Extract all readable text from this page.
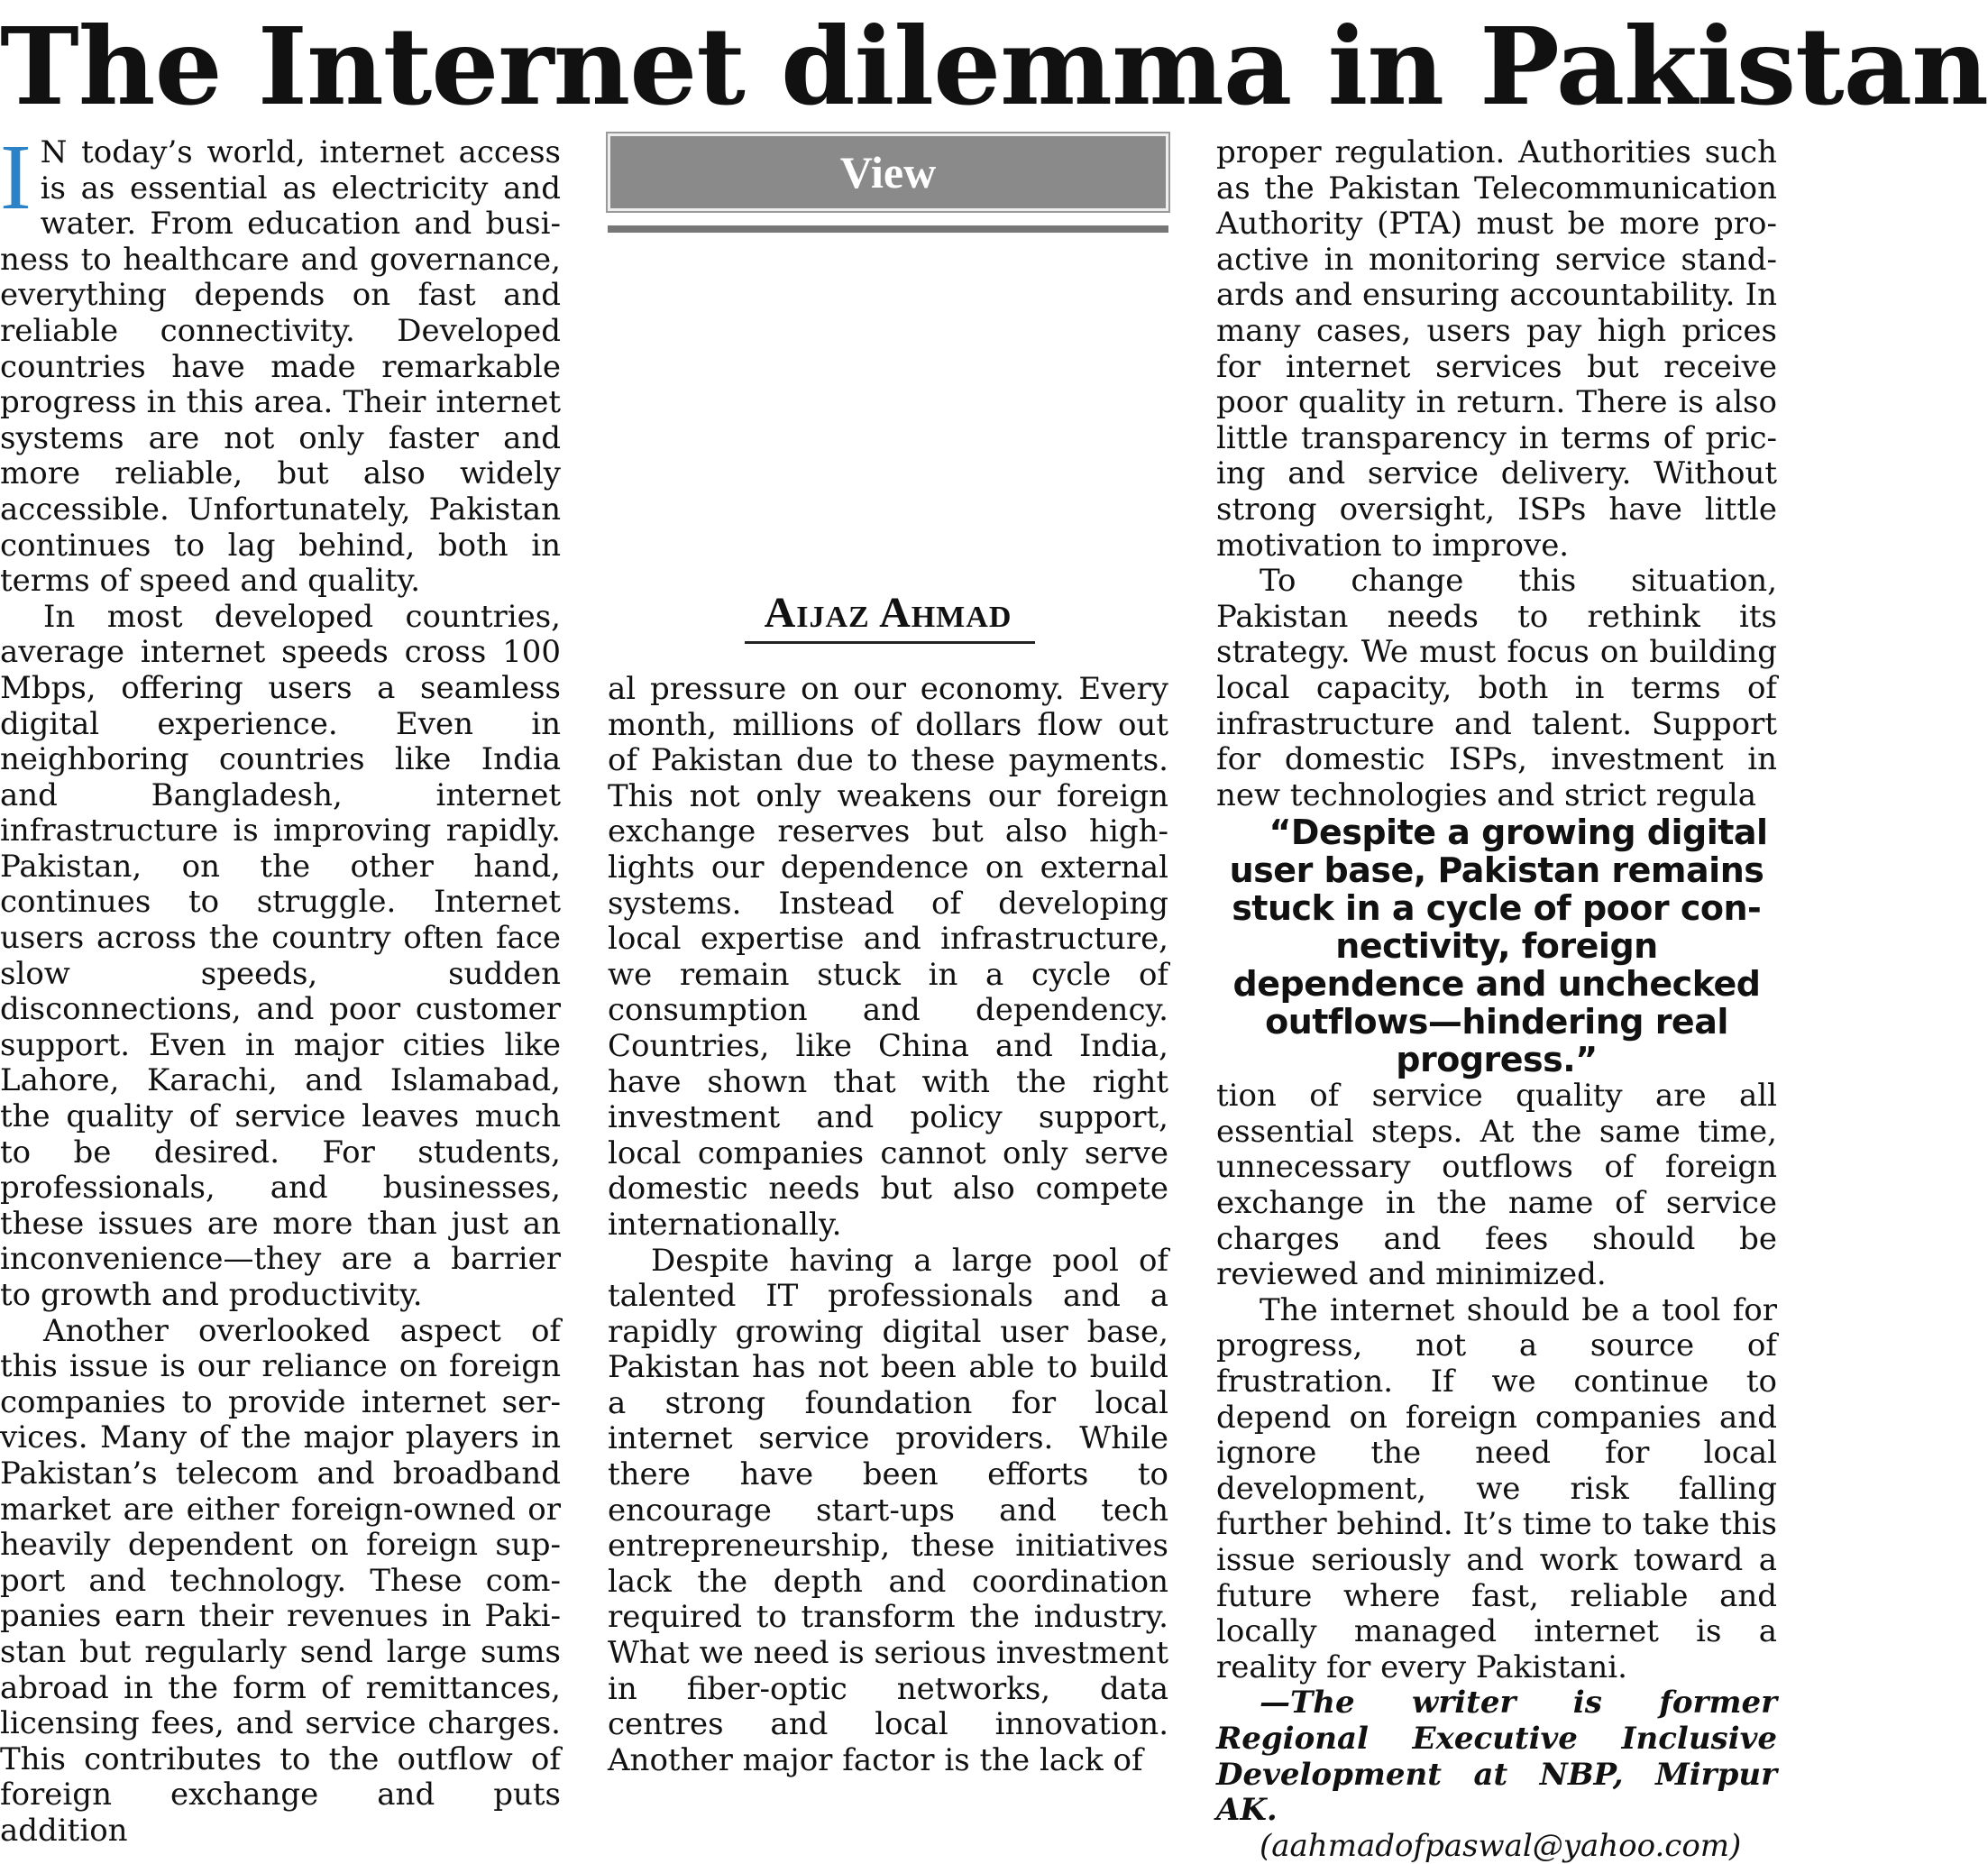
The Internet dilemma in Pakistan

I N today’s world, internet access is as essential as electricity and water. From education and business to healthcare and governance, everything depends on fast and reliable connectivity. Developed countries have made remarkable progress in this area. Their internet systems are not only faster and more reliable, but also widely accessible. Unfortunately, Pakistan continues to lag behind, both in terms of speed and quality.

In most developed countries, average internet speeds cross 100 Mbps, offering users a seamless digital experience. Even in neighboring countries like India and Bangladesh, internet infrastructure is improving rapidly. Pakistan, on the other hand, continues to struggle. Internet users across the country often face slow speeds, sudden disconnections, and poor customer support. Even in major cities like Lahore, Karachi, and Islamabad, the quality of service leaves much to be desired. For students, professionals, and businesses, these issues are more than just an inconvenience—they are a barrier to growth and productivity.

Another overlooked aspect of this issue is our reliance on foreign companies to provide internet services. Many of the major players in Pakistan’s telecom and broadband market are either foreign-owned or heavily dependent on foreign support and technology. These companies earn their revenues in Pakistan but regularly send large sums abroad in the form of remittances, licensing fees, and service charges. This contributes to the outflow of foreign exchange and puts addition

View
Aijaz Ahmad

al pressure on our economy. Every month, millions of dollars flow out of Pakistan due to these payments. This not only weakens our foreign exchange reserves but also highlights our dependence on external systems. Instead of developing local expertise and infrastructure, we remain stuck in a cycle of consumption and dependency. Countries, like China and India, have shown that with the right investment and policy support, local companies cannot only serve domestic needs but also compete internationally.

Despite having a large pool of talented IT professionals and a rapidly growing digital user base, Pakistan has not been able to build a strong foundation for local internet service providers. While there have been efforts to encourage start-ups and tech entrepreneurship, these initiatives lack the depth and coordination required to transform the industry. What we need is serious investment in fiber-optic networks, data centres and local innovation. Another major factor is the lack of

proper regulation. Authorities such as the Pakistan Telecommunication Authority (PTA) must be more proactive in monitoring service standards and ensuring accountability. In many cases, users pay high prices for internet services but receive poor quality in return. There is also little transparency in terms of pricing and service delivery. Without strong oversight, ISPs have little motivation to improve.

To change this situation, Pakistan needs to rethink its strategy. We must focus on building local capacity, both in terms of infrastructure and talent. Support for domestic ISPs, investment in new technologies and strict regula

“Despite a growing digital user base, Pakistan remains stuck in a cycle of poor connectivity, foreign dependence and unchecked outflows—hindering real progress.”

tion of service quality are all essential steps. At the same time, unnecessary outflows of foreign exchange in the name of service charges and fees should be reviewed and minimized.

The internet should be a tool for progress, not a source of frustration. If we continue to depend on foreign companies and ignore the need for local development, we risk falling further behind. It’s time to take this issue seriously and work toward a future where fast, reliable and locally managed internet is a reality for every Pakistani.

—The writer is former Regional Executive Inclusive Development at NBP, Mirpur AK.

(aahmadofpaswal@yahoo.com)
